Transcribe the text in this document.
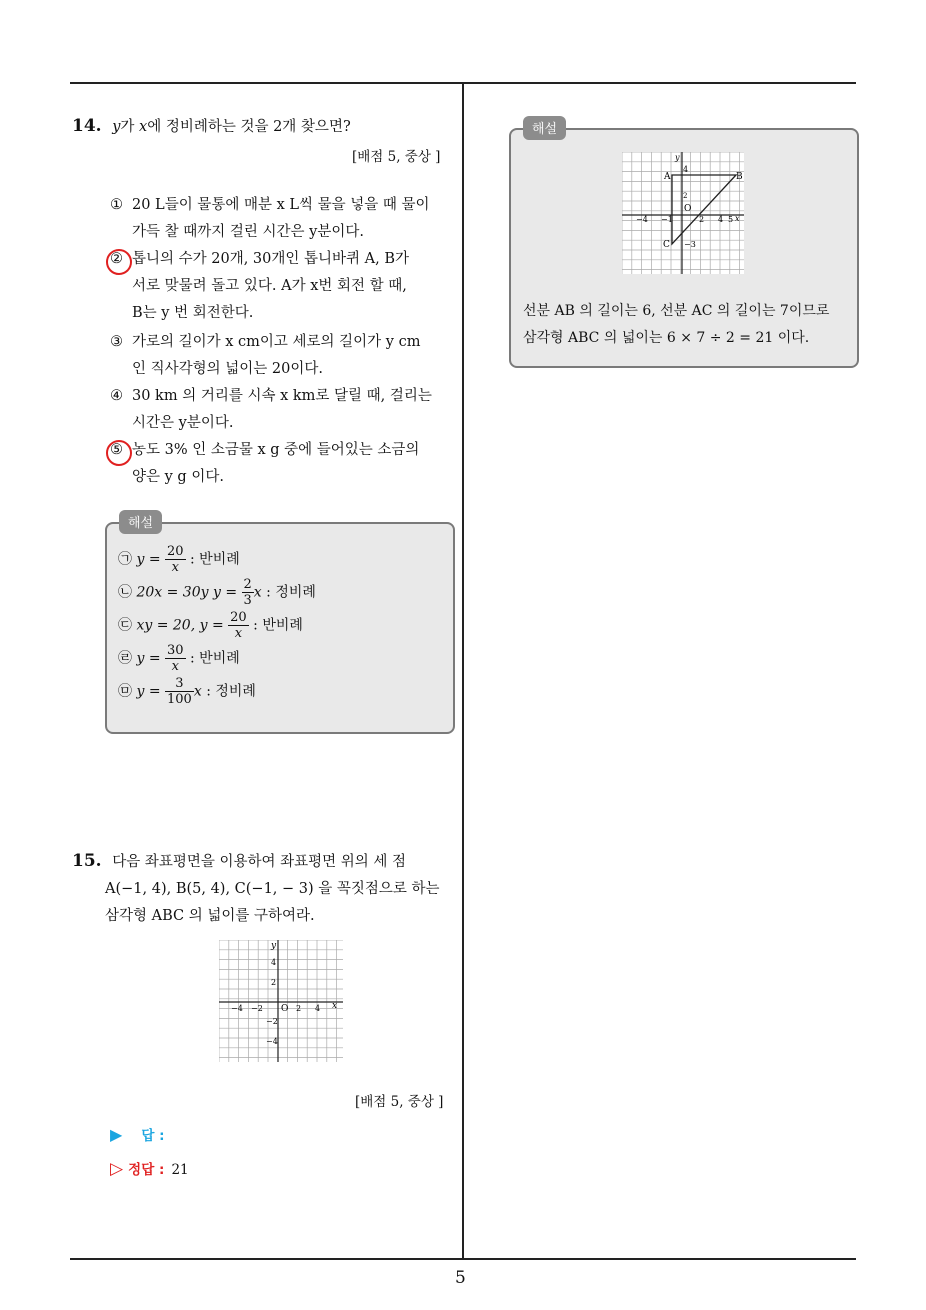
5
14. y가 x에 정비례하는 것을 2개 찾으면?
[배점 5, 중상 ]
① 20 L들이 물통에 매분 x L씩 물을 넣을 때 물이
가득 찰 때까지 걸린 시간은 y분이다.
② 톱니의 수가 20개, 30개인 톱니바퀴 A, B가
서로 맞물려 돌고 있다. A가 x번 회전 할 때,
B는 y 번 회전한다.
③ 가로의 길이가 x cm이고 세로의 길이가 y cm
인 직사각형의 넓이는 20이다.
④ 30 km 의 거리를 시속 x km로 달릴 때, 걸리는
시간은 y분이다.
⑤ 농도 3% 인 소금물 x g 중에 들어있는 소금의
양은 y g 이다.
해설
㉠ $y = \frac{20}{x}$ : 반비례
㉡ 20x = 30y $y = \frac{2}{3}$ x : 정비례
㉢ xy = 20, $y = \frac{20}{x}$ : 반비례
㉣ $y = \frac{30}{x}$ : 반비례
㉤ $y = \frac{3}{100}$ x : 정비례
15. 다음 좌표평면을 이용하여 좌표평면 위의 세 점
A(−1, 4), B(5, 4), C(−1, − 3) 을 꼭짓점으로 하는
삼각형 ABC 의 넓이를 구하여라.
x
y
O
−4 −2	2 4
4
2
−2
−4
[배점 5, 중상 ]
▶ 답 :
▷ 정답 : 21
해설
A	B
C
O
x
y
4
2
−3
−4 −1	2 4 5
선분 AB 의 길이는 6, 선분 AC 의 길이는 7이므로
삼각형 ABC 의 넓이는 6 × 7 ÷ 2 = 21 이다.
